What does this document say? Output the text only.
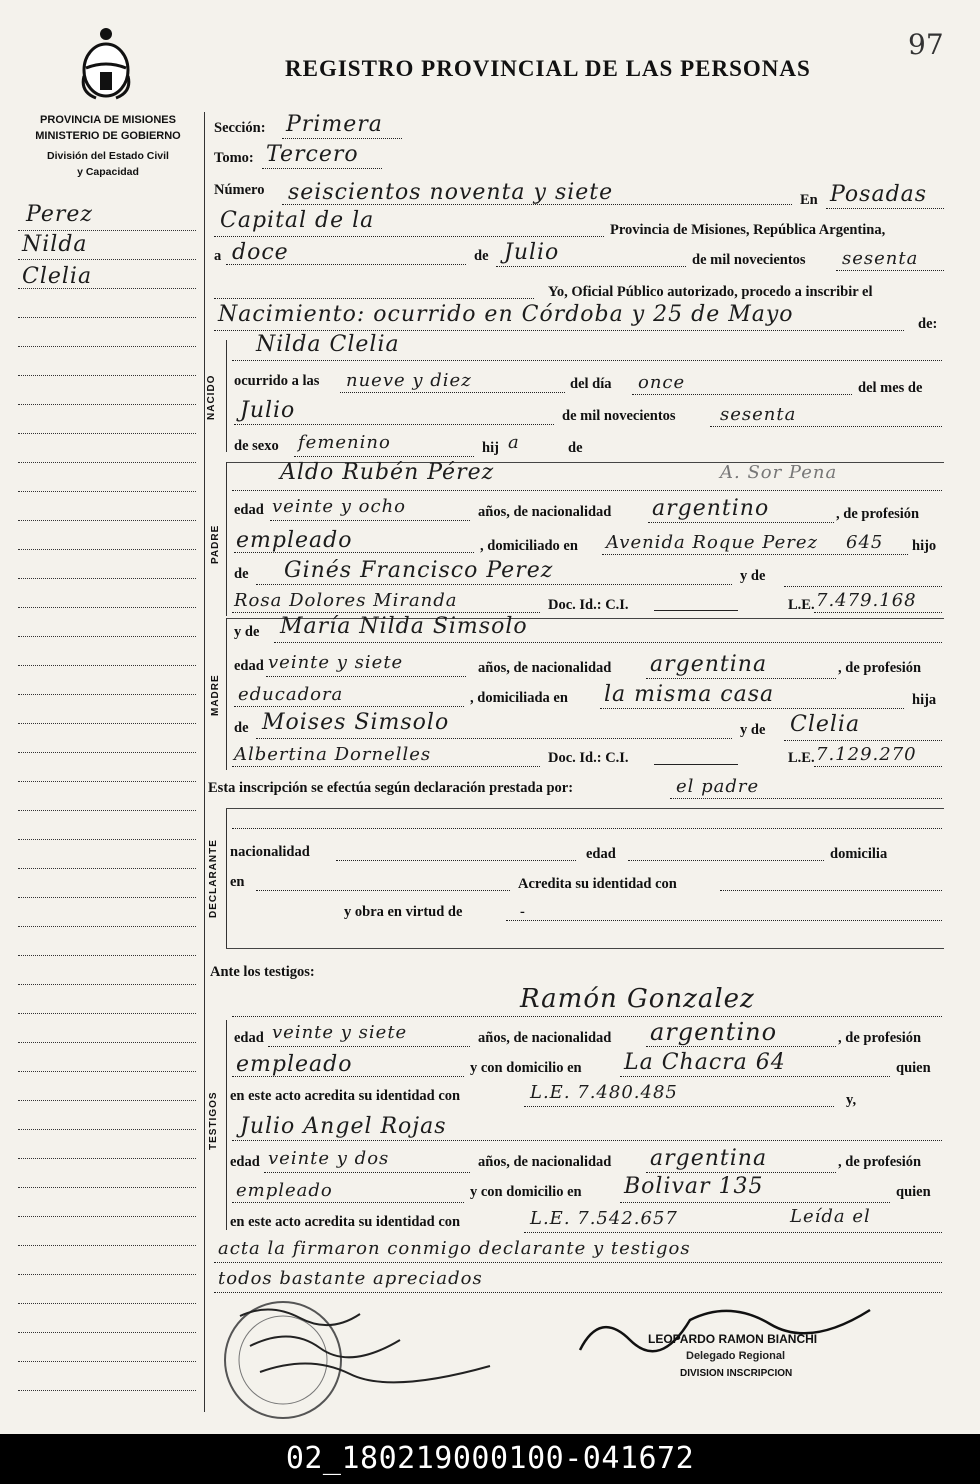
97
REGISTRO PROVINCIAL DE LAS PERSONAS
PROVINCIA DE MISIONES
MINISTERIO DE GOBIERNO
División del Estado Civil
y Capacidad
Perez
Nilda
Clelia
Sección: Primera
Tomo: Tercero
Número seiscientos noventa y siete	En Posadas
Capital de la	Provincia de Misiones, República Argentina,
a doce	de Julio	de mil novecientos sesenta
Yo, Oficial Público autorizado, procedo a inscribir el
Nacimiento: ocurrido en Córdoba y 25 de Mayo	de:
NACIDO
Nilda Clelia
ocurrido a las nueve y diez	del día once	del mes de
Julio	de mil novecientos sesenta
de sexo femenino	hij a	de
PADRE
Aldo Rubén Pérez	A. Sor Pena
edad veinte y ocho	años, de nacionalidad argentino	, de profesión
empleado	, domiciliado en Avenida Roque Perez 645 hijo
de Ginés Francisco Perez	y de
Rosa Dolores Miranda	Doc. Id.: C.I.	L.E. 7.479.168
MADRE
y de María Nilda Simsolo
edad veinte y siete	años, de nacionalidad argentina	, de profesión
educadora	, domiciliada en la misma casa	hija
de Moises Simsolo	y de Clelia
Albertina Dornelles	Doc. Id.: C.I.	L.E. 7.129.270
Esta inscripción se efectúa según declaración prestada por:	el padre
DECLARANTE nacionalidad	edad	domicilia
en	Acredita su identidad con
y obra en virtud de	-
Ante los testigos:
TESTIGOS
Ramón Gonzalez
edad veinte y siete	años, de nacionalidad argentino	, de profesión
empleado	y con domicilio en La Chacra 64	quien
en este acto acredita su identidad con	L.E. 7.480.485	y,
Julio Angel Rojas
edad veinte y dos	años, de nacionalidad argentina	, de profesión
empleado	y con domicilio en Bolivar 135	quien
en este acto acredita su identidad con	L.E. 7.542.657	Leída el
acta la firmaron conmigo declarante y testigos
todos bastante apreciados
LEOPARDO RAMON BIANCHI
Delegado Regional
DIVISION INSCRIPCION
02_180219000100-041672
